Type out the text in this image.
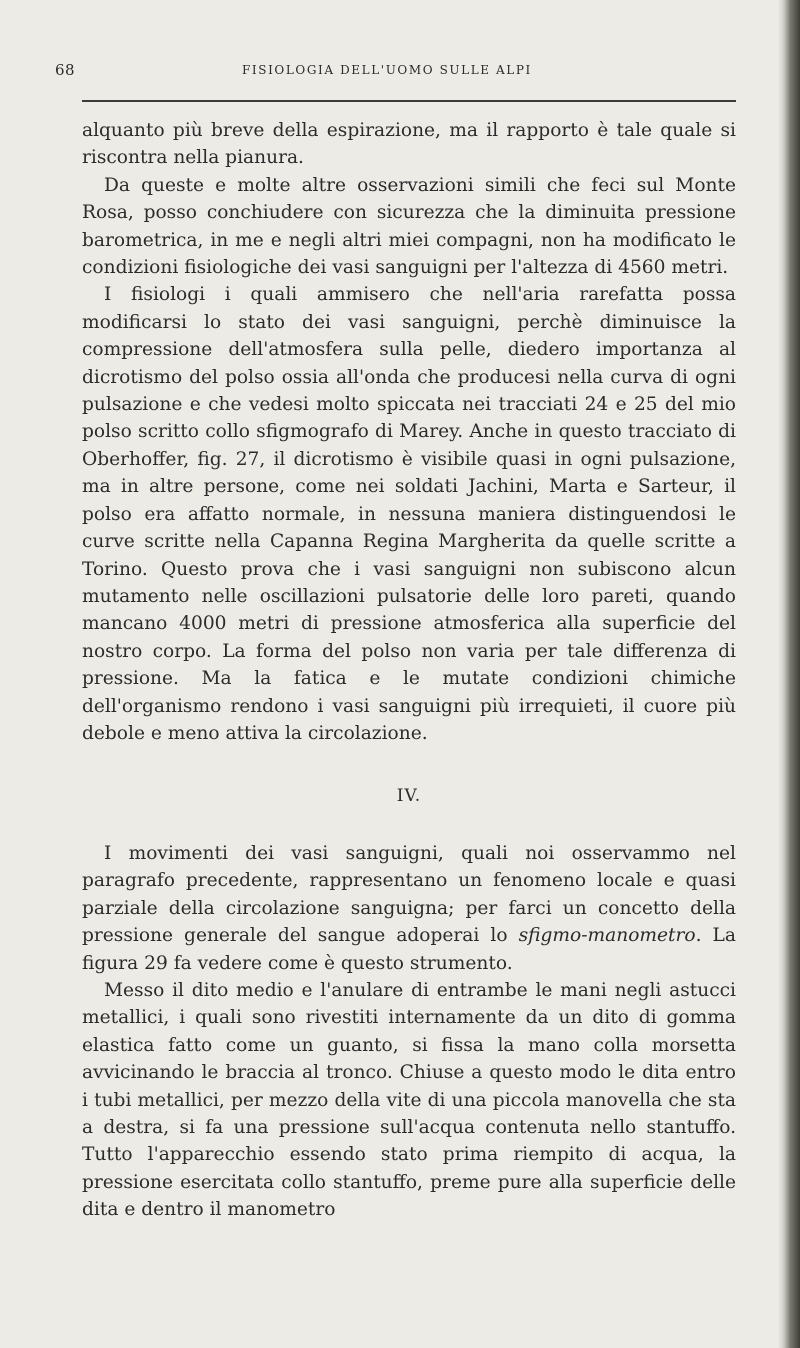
68	FISIOLOGIA DELL'UOMO SULLE ALPI

alquanto più breve della espirazione, ma il rapporto è tale quale si riscontra nella pianura.

Da queste e molte altre osservazioni simili che feci sul Monte Rosa, posso conchiudere con sicurezza che la diminuita pressione barometrica, in me e negli altri miei compagni, non ha modificato le condizioni fisiologiche dei vasi sanguigni per l'altezza di 4560 metri.

I fisiologi i quali ammisero che nell'aria rarefatta possa modificarsi lo stato dei vasi sanguigni, perchè diminuisce la compressione dell'atmosfera sulla pelle, diedero importanza al dicrotismo del polso ossia all'onda che producesi nella curva di ogni pulsazione e che vedesi molto spiccata nei tracciati 24 e 25 del mio polso scritto collo sfigmografo di Marey. Anche in questo tracciato di Oberhoffer, fig. 27, il dicrotismo è visibile quasi in ogni pulsazione, ma in altre persone, come nei soldati Jachini, Marta e Sarteur, il polso era affatto normale, in nessuna maniera distinguendosi le curve scritte nella Capanna Regina Margherita da quelle scritte a Torino. Questo prova che i vasi sanguigni non subiscono alcun mutamento nelle oscillazioni pulsatorie delle loro pareti, quando mancano 4000 metri di pressione atmosferica alla superficie del nostro corpo. La forma del polso non varia per tale differenza di pressione. Ma la fatica e le mutate condizioni chimiche dell'organismo rendono i vasi sanguigni più irrequieti, il cuore più debole e meno attiva la circolazione.

IV.

I movimenti dei vasi sanguigni, quali noi osservammo nel paragrafo precedente, rappresentano un fenomeno locale e quasi parziale della circolazione sanguigna; per farci un concetto della pressione generale del sangue adoperai lo sfigmo-manometro. La figura 29 fa vedere come è questo strumento.

Messo il dito medio e l'anulare di entrambe le mani negli astucci metallici, i quali sono rivestiti internamente da un dito di gomma elastica fatto come un guanto, si fissa la mano colla morsetta avvicinando le braccia al tronco. Chiuse a questo modo le dita entro i tubi metallici, per mezzo della vite di una piccola manovella che sta a destra, si fa una pressione sull'acqua contenuta nello stantuffo. Tutto l'apparecchio essendo stato prima riempito di acqua, la pressione esercitata collo stantuffo, preme pure alla superficie delle dita e dentro il manometro
